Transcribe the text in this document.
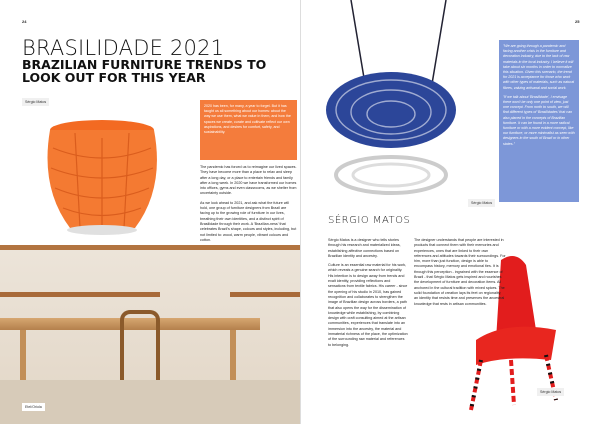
24
BRASILIDADE 2021
BRAZILIAN FURNITURE TRENDS TO LOOK OUT FOR THIS YEAR
Sérgio Matos
Etel/Oriola
2020 has been, for many, a year to forget. But it has taught us all something about our homes: about the way we use them, what we value in them, and how the spaces we create, curate and cultivate reflect our own aspirations, and desires for comfort, safety, and sustainability.

The pandemic has forced us to reimagine our lived spaces. They have become more than a place to relax and sleep after a long day, or a place to entertain friends and family after a long week. In 2020 we have transformed our homes into offices, gyms and even classrooms, as we shelter from uncertainty outside.

As we look ahead to 2021, and ask what the future will hold, one group of furniture designers from Brazil are facing up to the growing role of furniture in our lives, breathing their own identities, and a distinct spirit of Brasilidade through their work. A 'Brazilian-ness' that celebrates Brazil's shape, colours and styles, including, but not limited to: wood, warm people, vibrant colours and cotton.

25
Sérgio Matos

"We are going through a pandemic and facing another crisis in the furniture and decoration industry, due to the lack of raw materials in the local industry. I believe it will take about six months in order to normalize this situation. Given this scenario, the trend for 2021 is acceptance for those who work with other types of materials, such as natural fibres, valuing artisanal and social work.

"If we talk about 'Brasilidade', I envisage there won't be only one point of view, just one concept. From north to south, we will find different types of 'Brasilidades' that can also placed in the concepts of Brazilian furniture. It can be found in a more radical furniture or with a more evident concept, like our furniture, or more minimalist as seen with designers in the south of Brazil or in other states."

SÉRGIO MATOS

Sérgio Matos is a designer who tells stories through his research and materialized ideas, establishing affective connections based on Brazilian identity and ancestry.

Culture is an essential raw material for his work, which reveals a genuine search for originality. His intention is to design away from trends and exalt identity, providing reflections and sensations from textile fabrics. His career - since the opening of his studio in 2010, has gained recognition and collaborates to strengthen the image of Brazilian design across borders, a path that also opens the way for the dissemination of knowledge while establishing, by combining design with craft consulting aimed at the artisan communities, experiences that translate into an immersion into the ancestry, the material and immaterial richness of the place, the optimization of the surrounding raw material and references to belonging.

The designer understands that people are interested in products that connect them with their memories and experiences, ones that are linked to their own references and attitudes towards their surroundings. For him, more than just function, design is able to encompass history, memory and emotional ties. It is through this perception - ingrained with the essence of Brazil - that Sérgio Matos gets inspired and nourishes the development of furniture and decoration items. All anchored in the cultural tradition with mixed spices. The solid foundation of creation lays its feet on regionality, an identity that resists time and preserves the ancestral knowledge that rests in artisan communities.

Sérgio Matos
